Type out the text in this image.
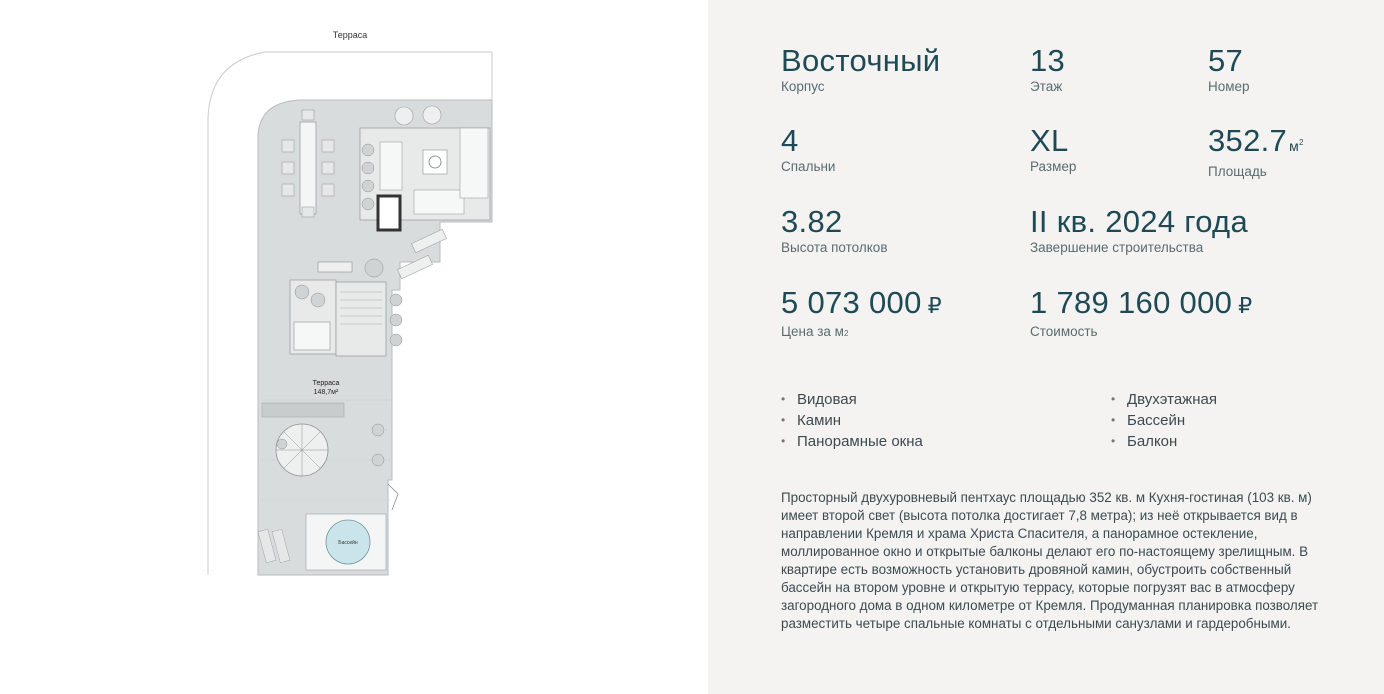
Терраса
Терраса
148,7м²
Бассейн
Восточный
Корпус
13
Этаж
57
Номер
4
Спальни
XL
Размер
352.7 $м^2$
Площадь
3.82
Высота потолков
II кв. 2024 года
Завершение строительства
5 073 000 ₽
Цена за $м^2$
1 789 160 000 ₽
Стоимость
• Видовая
• Камин
• Панорамные окна
• Двухэтажная
• Бассейн
• Балкон
Просторный двухуровневый пентхаус площадью 352 кв. м Кухня-гостиная (103 кв. м) имеет второй свет (высота потолка достигает 7,8 метра); из неё открывается вид в направлении Кремля и храма Христа Спасителя, а панорамное остекление, моллированное окно и открытые балконы делают его по-настоящему зрелищным. В квартире есть возможность установить дровяной камин, обустроить собственный бассейн на втором уровне и открытую террасу, которые погрузят вас в атмосферу загородного дома в одном километре от Кремля. Продуманная планировка позволяет разместить четыре спальные комнаты с отдельными санузлами и гардеробными.
